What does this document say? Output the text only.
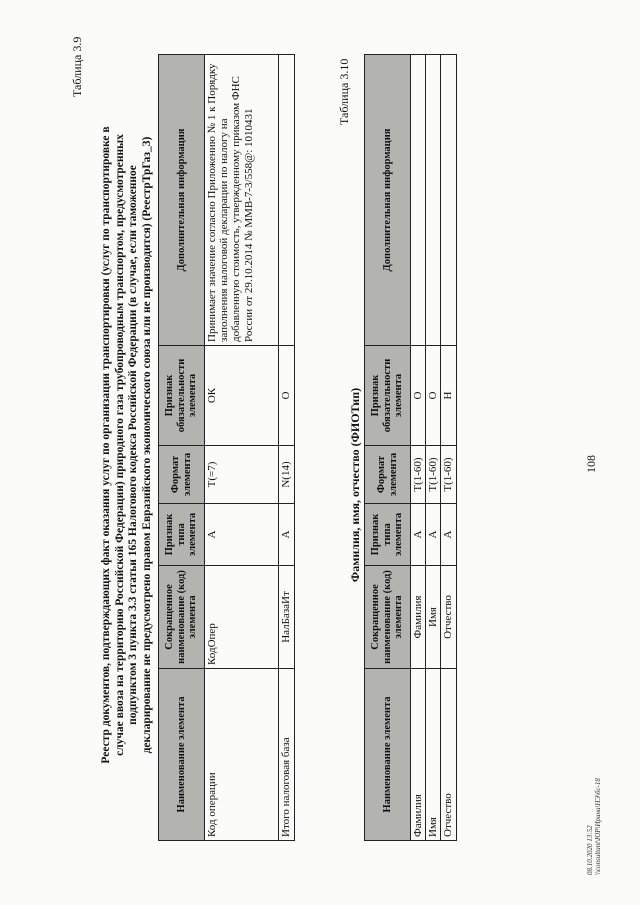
108
Таблица 3.9
Реестр документов, подтверждающих факт оказания услуг по организации транспортировки (услуг по транспортировке в случае ввоза на территорию Российской Федерации) природного газа трубопроводным транспортом, предусмотренных подпунктом 3 пункта 3.3 статьи 165 Налогового кодекса Российской Федерации (в случае, если таможенное декларирование не предусмотрено правом Евразийского экономического союза или не производится) (РеестрТрГаз_3)
Наименование элемента	Сокращенное наименование (код) элемента	Признак типа элемента	Формат элемента	Признак обязательности элемента	Дополнительная информация
Код операции	КодОпер	А	T(=7)	ОК	Принимает значение согласно Приложению № 1 к Порядку заполнения налоговой декларации по налогу на добавленную стоимость, утвержденному приказом ФНС России от 29.10.2014 № ММВ-7-3/558@: 1010431
Итого налоговая база	НалБазаИт	А	N(14)	О	
Таблица 3.10
Фамилия, имя, отчество (ФИОТип)
Наименование элемента	Сокращенное наименование (код) элемента	Признак типа элемента	Формат элемента	Признак обязательности элемента	Дополнительная информация
Фамилия	Фамилия	А	T(1-60)	О	
Имя	Имя	А	T(1-60)	О	
Отчество	Отчество	А	T(1-60)	Н	
08.10.2020 13:52 \\consultant\ЮР\Ирина\НЭ\бс-18
